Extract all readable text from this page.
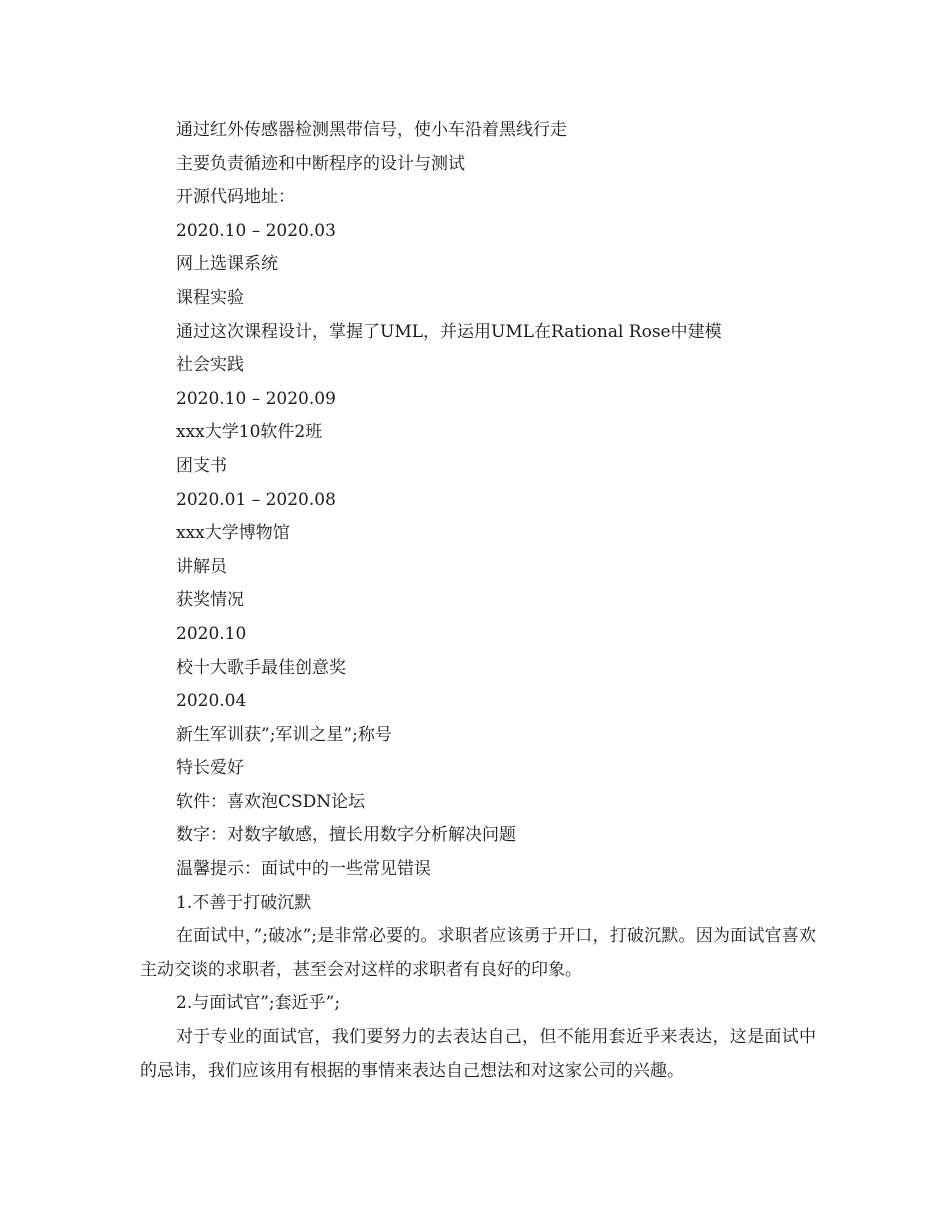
通过红外传感器检测黑带信号，使小车沿着黑线行走

主要负责循迹和中断程序的设计与测试

开源代码地址：

2020.10 – 2020.03

网上选课系统

课程实验

通过这次课程设计，掌握了UML，并运用UML在Rational Rose中建模

社会实践

2020.10 – 2020.09

xxx大学10软件2班

团支书

2020.01 – 2020.08

xxx大学博物馆

讲解员

获奖情况

2020.10

校十大歌手最佳创意奖

2020.04

新生军训获”;军训之星”;称号

特长爱好

软件：喜欢泡CSDN论坛

数字：对数字敏感，擅长用数字分析解决问题

温馨提示：面试中的一些常见错误

1.不善于打破沉默

在面试中，”;破冰”;是非常必要的。求职者应该勇于开口，打破沉默。因为面试官喜欢主动交谈的求职者，甚至会对这样的求职者有良好的印象。

2.与面试官”;套近乎”;

对于专业的面试官，我们要努力的去表达自己，但不能用套近乎来表达，这是面试中的忌讳，我们应该用有根据的事情来表达自己想法和对这家公司的兴趣。
